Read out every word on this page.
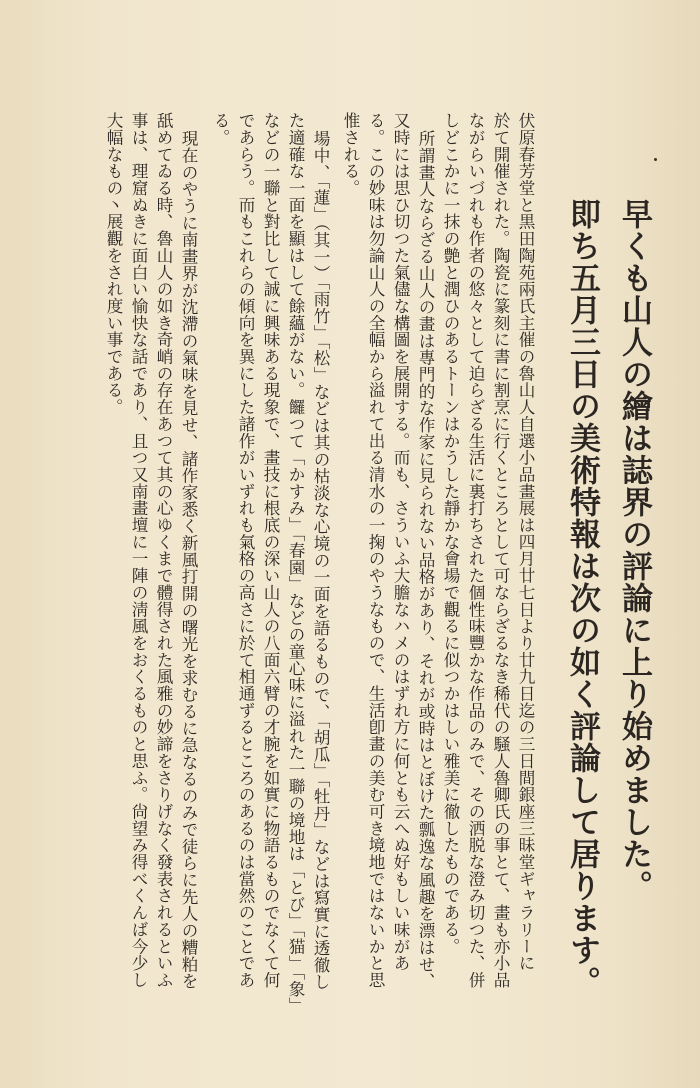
早くも山人の繪は誌界の評論に上り始めました。

即ち五月三日の美術特報は次の如く評論して居ります。

伏原春芳堂と黒田陶苑兩氏主催の魯山人自選小品畫展は四月廿七日より廿九日迄の三日間銀座三昧堂ギャラリーに

於て開催された。陶瓷に篆刻に書に割烹に行くところとして可ならざるなき稀代の騒人魯卿氏の事とて、畫も亦小品

ながらいづれも作者の悠々として迫らざる生活に裏打ちされた個性味豐かな作品のみで、その洒脱な澄み切つた、併

しどこかに一抹の艶と潤ひのあるトーンはかうした靜かな會場で觀るに似つかはしい雅美に徹したものである。

所謂畫人ならざる山人の畫は專門的な作家に見られない品格があり、それが或時はとぼけた瓢逸な風趣を漂はせ、

又時には思ひ切つた氣儘な構圖を展開する。而も、さういふ大膽なハメのはずれ方に何とも云へぬ好もしい味があ

る。この妙味は勿論山人の全幅から溢れて出る清水の一掬のやうなもので、生活卽畫の美む可き境地ではないかと思

惟される。

場中、「蓮」（其一）「雨竹」「松」などは其の枯淡な心境の一面を語るもので、「胡瓜」「牡丹」などは寫實に透徹し

た適確な一面を顯はして餘蘊がない。饠つて「かすみ」「春園」などの童心味に溢れた一聯の境地は「とび」「猫」「象」

などの一聯と對比して誠に興味ある現象で、畫技に根底の深い山人の八面六臂の才腕を如實に物語るものでなくて何

であらう。而もこれらの傾向を異にした諸作がいずれも氣格の高さに於て相通ずるところのあるのは當然のことであ

る。

現在のやうに南畫界が沈滯の氣味を見せ、諸作家悉く新風打開の曙光を求むるに急なるのみで徒らに先人の糟粕を

舐めてゐる時、魯山人の如き奇峭の存在あつて其の心ゆくまで體得された風雅の妙諦をさりげなく發表されるといふ

事は、理窟ぬきに面白い愉快な話であり、且つ又南畫壇に一陣の淸風をおくるものと思ふ。尙望み得べくんば今少し

大幅なもの丶展觀をされ度い事である。
